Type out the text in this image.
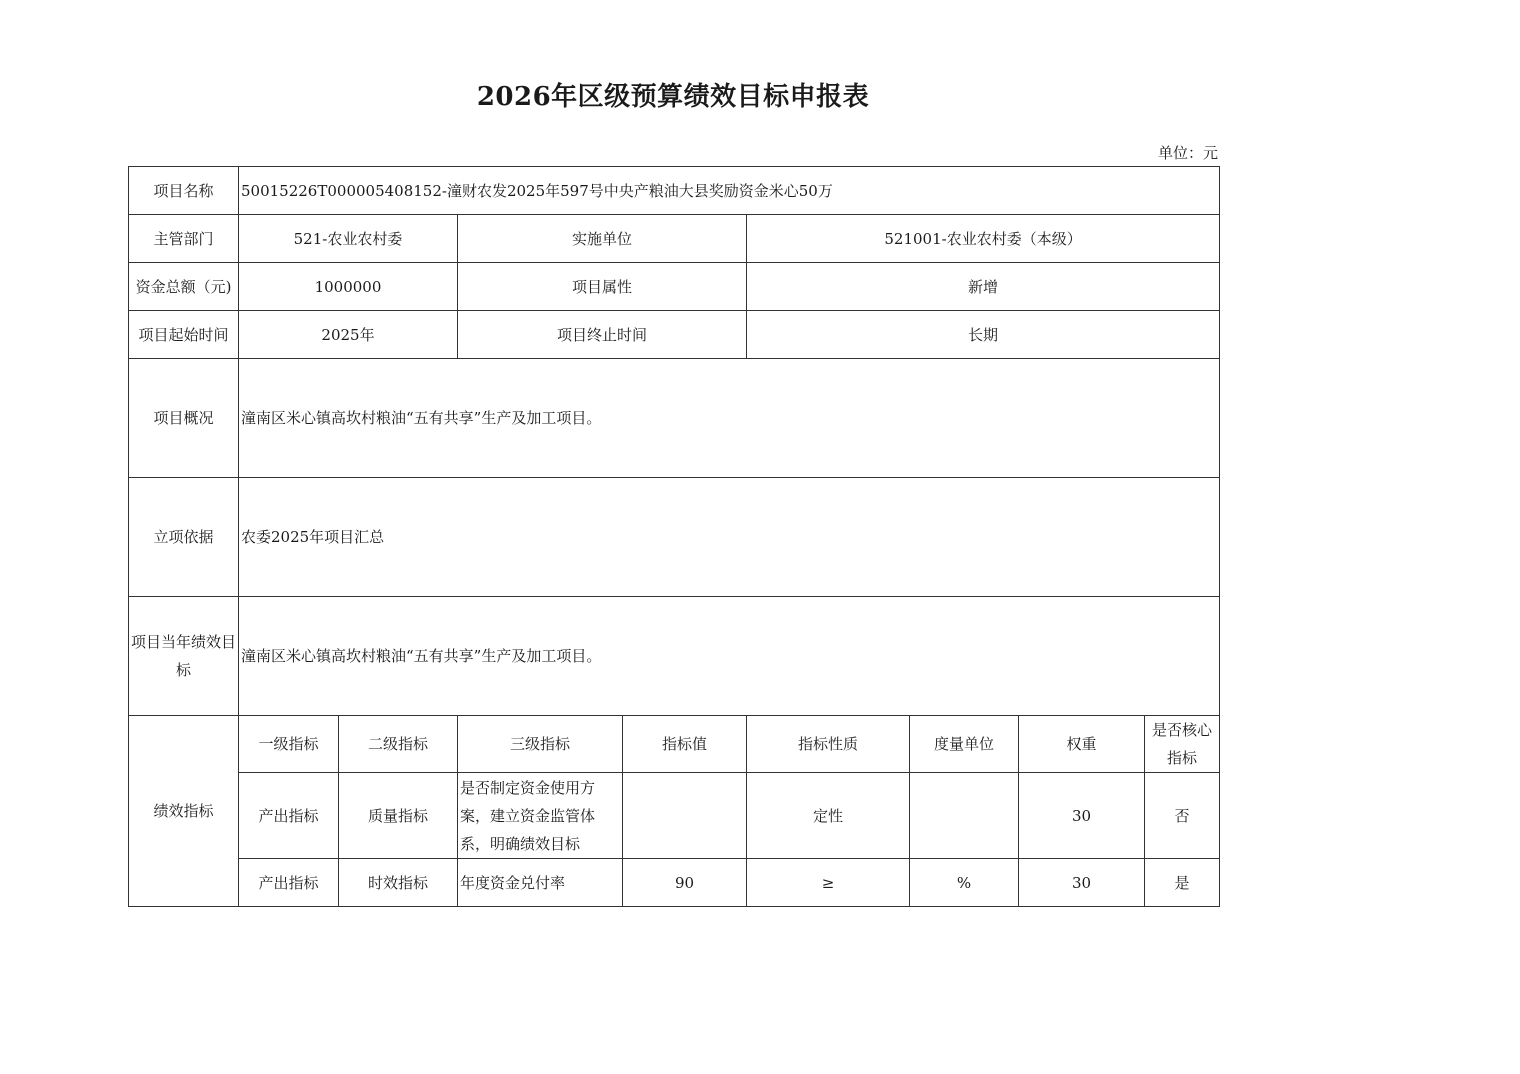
2026年区级预算绩效目标申报表
单位：元
项目名称	50015226T000005408152-潼财农发2025年597号中央产粮油大县奖励资金米心50万							
主管部门	521-农业农村委		实施单位		521001-农业农村委（本级）			
资金总额（元)	1000000		项目属性		新增			
项目起始时间	2025年		项目终止时间		长期			
项目概况	潼南区米心镇高坎村粮油“五有共享”生产及加工项目。							
立项依据	农委2025年项目汇总							
项目当年绩效目标	潼南区米心镇高坎村粮油“五有共享”生产及加工项目。							
绩效指标	一级指标	二级指标	三级指标	指标值	指标性质	度量单位	权重	是否核心指标
	产出指标	质量指标	是否制定资金使用方案，建立资金监管体系，明确绩效目标		定性		30	否
	产出指标	时效指标	年度资金兑付率	90	≥	%	30	是
